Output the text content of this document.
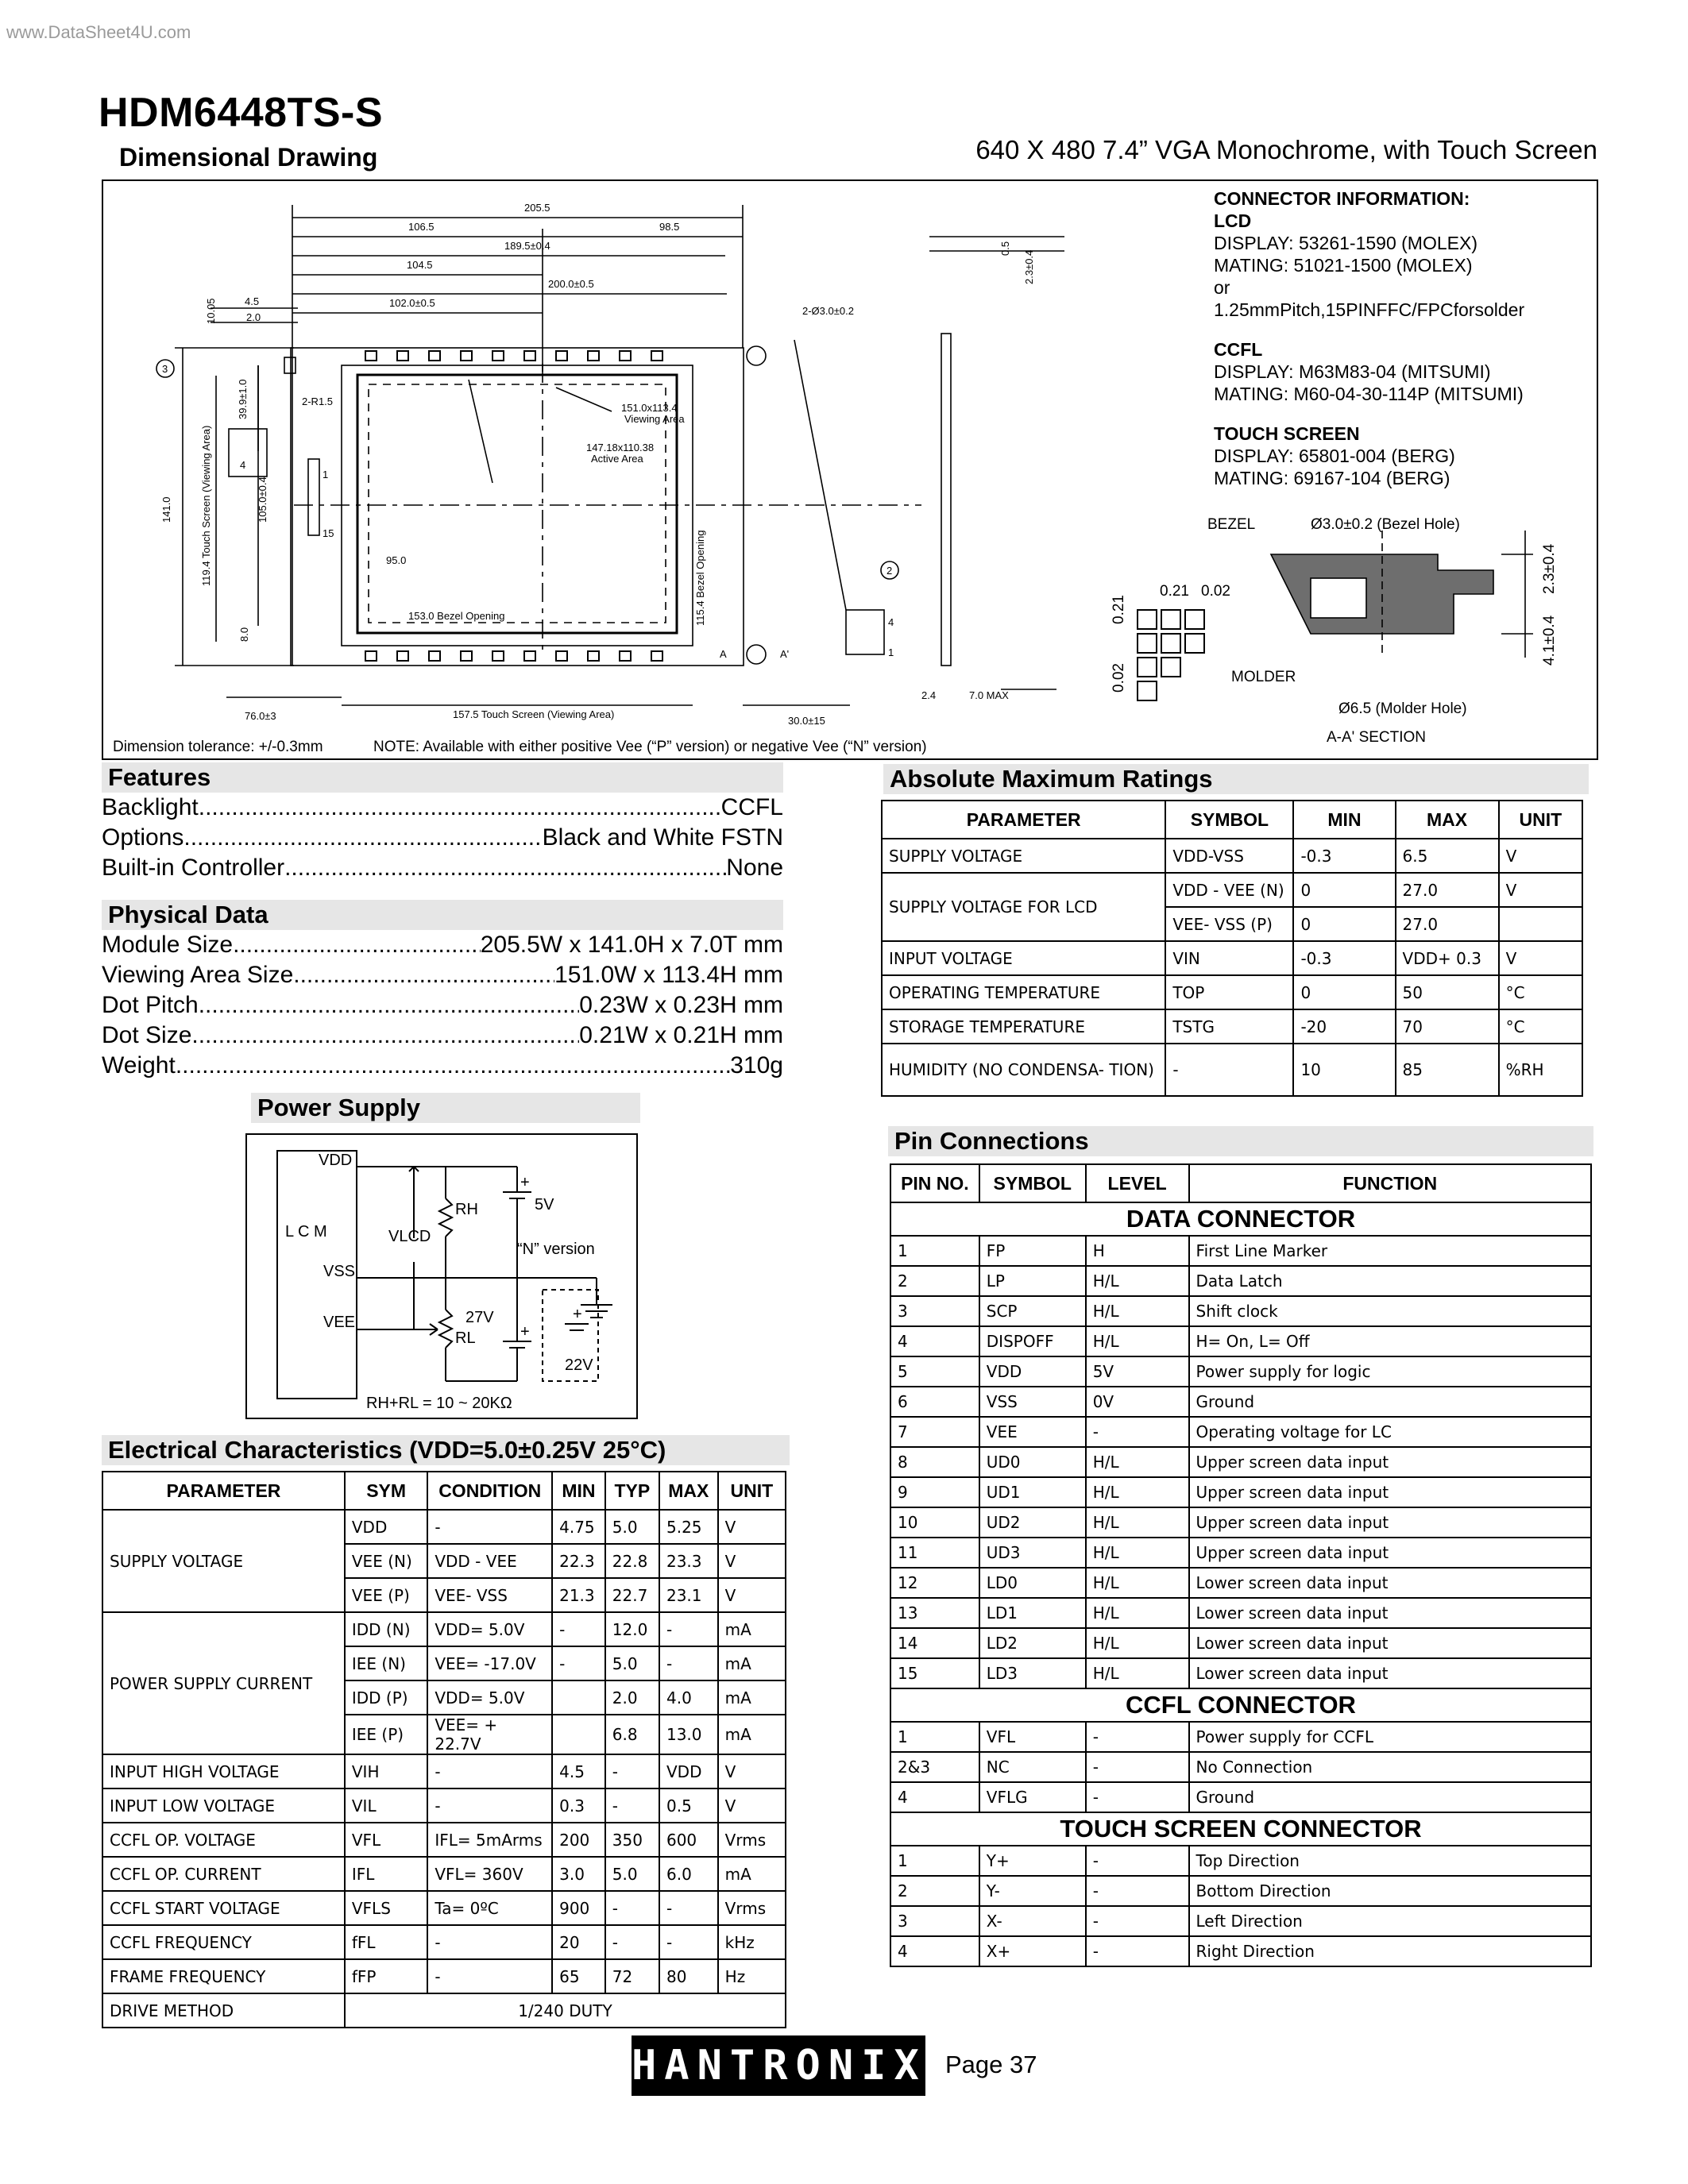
www.DataSheet4U.com
HDM6448TS-S
Dimensional Drawing	640 X 480 7.4” VGA Monochrome, with Touch Screen
205.5
106.5	98.5
189.5±0.4
104.5
200.0±0.5
102.0±0.5
4.5
2.0
10.05	2-Ø3.0±0.2
2-R1.5
39.9±1.0
105.0±0.4
141.0	119.4 Touch Screen (Viewing Area)	95.0
153.0 Bezel Opening	115.4 Bezel Opening
8.0
157.5 Touch Screen (Viewing Area)
76.0±3	30.0±15
151.0x113.4
Viewing Area
147.18x110.38
Active Area
2.4	7.0 MAX
0.5
2.3±0.4
1
15
4
4
1
A	A'
3
2
BEZEL	Ø3.0±0.2 (Bezel Hole)
MOLDER
Ø6.5 (Molder Hole)
A-A' SECTION
2.3±0.4
4.1±0.4
0.21 0.02
0.21
0.02
CONNECTOR INFORMATION:
LCD
DISPLAY: 53261-1590 (MOLEX)
MATING: 51021-1500 (MOLEX)
or
1.25mmPitch,15PINFFC/FPCforsolder
CCFL
DISPLAY: M63M83-04 (MITSUMI)
MATING: M60-04-30-114P (MITSUMI)
TOUCH SCREEN
DISPLAY: 65801-004 (BERG)
MATING: 69167-104 (BERG)
Dimension tolerance: +/-0.3mm	NOTE: Available with either positive Vee (“P” version) or negative Vee (“N” version)
Features
Backlight .....	CCFL
Options .....	Black and White FSTN
Built-in Controller .....	None
Physical Data
Module Size .....	205.5W x 141.0H x 7.0T mm
Viewing Area Size .....	151.0W x 113.4H mm
Dot Pitch .....	0.23W x 0.23H mm
Dot Size .....	0.21W x 0.21H mm
Weight .....	310g
Power Supply
L C M
VDD
VSS
VEE
VLCD
RH
RL
5V
27V
22V
“N” version
+
+
+
RH+RL = 10 ~ 20KΩ
Electrical Characteristics (VDD=5.0±0.25V 25°C)
PARAMETER	SYM	CONDITION	MIN	TYP	MAX	UNIT
SUPPLY VOLTAGE	VDD	-	4.75	5.0	5.25	V
	VEE (N)	VDD - VEE	22.3	22.8	23.3	V
	VEE (P)	VEE- VSS	21.3	22.7	23.1	V
POWER SUPPLY CURRENT	IDD (N)	VDD= 5.0V	-	12.0	-	mA
	IEE (N)	VEE= -17.0V	-	5.0	-	mA
	IDD (P)	VDD= 5.0V		2.0	4.0	mA
	IEE (P)	VEE= + 22.7V		6.8	13.0	mA
INPUT HIGH VOLTAGE	VIH	-	4.5	-	VDD	V
INPUT LOW VOLTAGE	VIL	-	0.3	-	0.5	V
CCFL OP. VOLTAGE	VFL	IFL= 5mArms	200	350	600	Vrms
CCFL OP. CURRENT	IFL	VFL= 360V	3.0	5.0	6.0	mA
CCFL START VOLTAGE	VFLS	Ta= 0ºC	900	-	-	Vrms
CCFL FREQUENCY	fFL	-	20	-	-	kHz
FRAME FREQUENCY	fFP	-	65	72	80	Hz
DRIVE METHOD	1/240 DUTY					
Absolute Maximum Ratings
PARAMETER	SYMBOL	MIN	MAX	UNIT
SUPPLY VOLTAGE	VDD-VSS	-0.3	6.5	V
SUPPLY VOLTAGE FOR LCD	VDD - VEE (N)	0	27.0	V
	VEE- VSS (P)	0	27.0	
INPUT VOLTAGE	VIN	-0.3	VDD+ 0.3	V
OPERATING TEMPERATURE	TOP	0	50	°C
STORAGE TEMPERATURE	TSTG	-20	70	°C
HUMIDITY (NO CONDENSA- TION)	-	10	85	%RH
Pin Connections
PIN NO.	SYMBOL	LEVEL	FUNCTION
DATA CONNECTOR			
1	FP	H	First Line Marker
2	LP	H/L	Data Latch
3	SCP	H/L	Shift clock
4	DISPOFF	H/L	H= On, L= Off
5	VDD	5V	Power supply for logic
6	VSS	0V	Ground
7	VEE	-	Operating voltage for LC
8	UD0	H/L	Upper screen data input
9	UD1	H/L	Upper screen data input
10	UD2	H/L	Upper screen data input
11	UD3	H/L	Upper screen data input
12	LD0	H/L	Lower screen data input
13	LD1	H/L	Lower screen data input
14	LD2	H/L	Lower screen data input
15	LD3	H/L	Lower screen data input
CCFL CONNECTOR			
1	VFL	-	Power supply for CCFL
2&3	NC	-	No Connection
4	VFLG	-	Ground
TOUCH SCREEN CONNECTOR			
1	Y+	-	Top Direction
2	Y-	-	Bottom Direction
3	X-	-	Left Direction
4	X+	-	Right Direction
HANTRONIX Page 37
